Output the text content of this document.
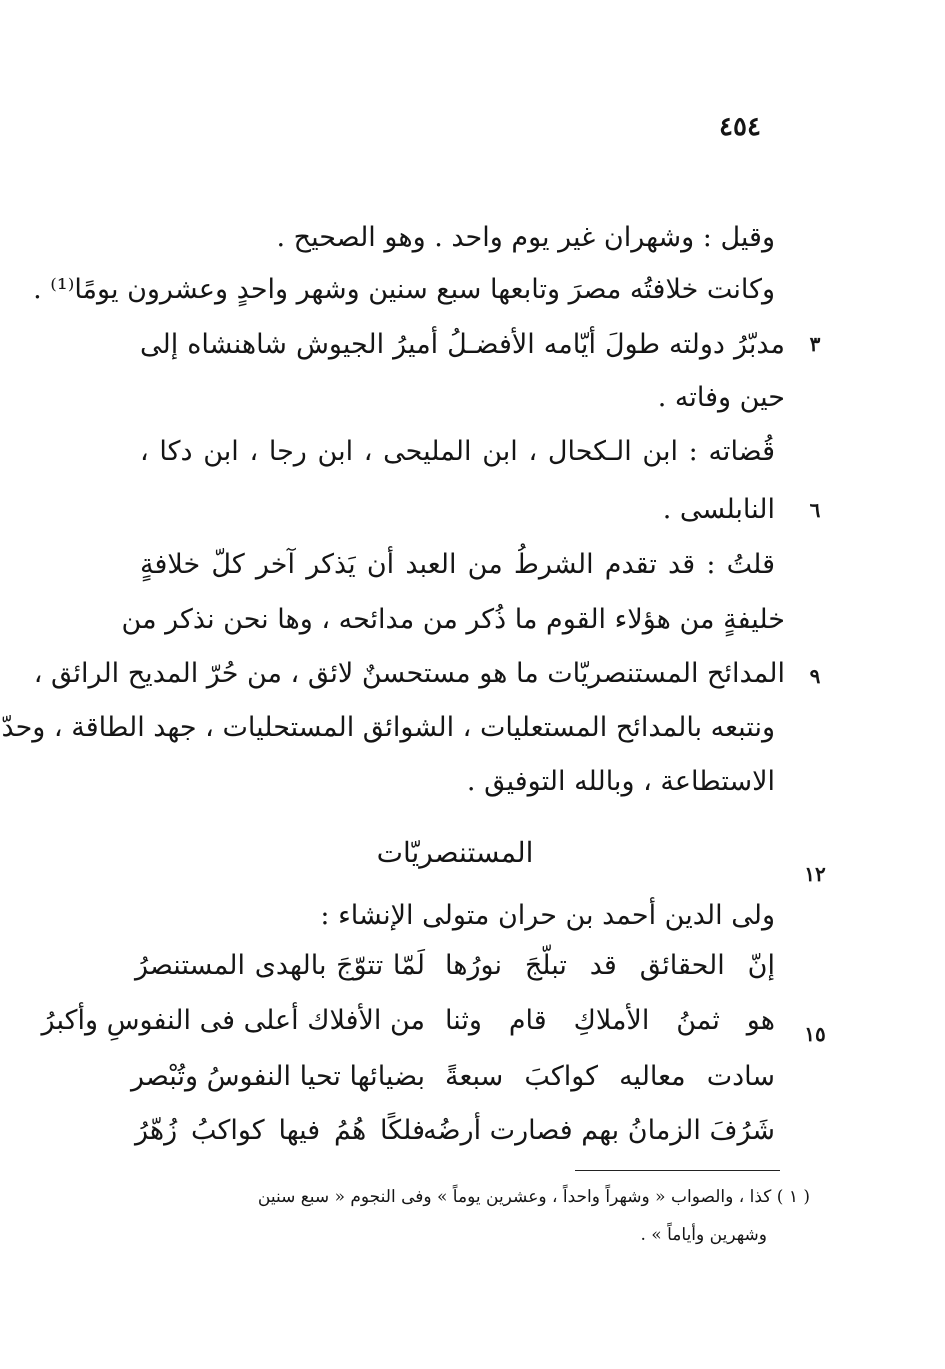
٤٥٤
وقيل : وشهران غير يوم واحد . وهو الصحيح .
وكانت خلافتُه مصرَ وتابعها سبع سنين وشهر واحدٍ وعشرون يومًا⁽¹⁾ .
مدبّرُ دولته طولَ أيّامه الأفضـلُ أميرُ الجيوش شاهنشاه إلى	٣
حين وفاته .
قُضاته : ابن الـكحال ، ابن المليحى ، ابن رجا ، ابن دكا ،
النابلسى .	٦
قلتُ : قد تقدم الشرطُ من العبد أن يَذكر آخر كلّ خلافةٍ
خليفةٍ من هؤلاء القوم ما ذُكر من مدائحه ، وها نحن نذكر من
المدائح المستنصريّات ما هو مستحسنٌ لائق ، من حُرّ المديح الرائق ،	٩
ونتبعه بالمدائح المستعليات ، الشوائق المستحليات ، جهد الطاقة ، وحدّ
الاستطاعة ، وبالله التوفيق .
المستنصريّات
١٢
ولى الدين أحمد بن حران متولى الإنشاء :
إنّ الحقائق قد تبلّجَ نورُها
لَمّا تتوّجَ بالهدى المستنصرُ
هو ثمنُ الأملاكِ قام وثنا
من الأفلاك أعلى فى النفوسِ وأكبرُ	١٥
سادت معاليه كواكبَ سبعةً
بضيائها تحيا النفوسُ وتُبْصر
شَرُفَ الزمانُ بهم فصارت أرضُه
فلكًا هُمُ فيها كواكبُ زُهّرُ
( ١ ) كذا ، والصواب « وشهراً واحداً ، وعشرين يوماً » وفى النجوم « سبع سنين
وشهرين وأياماً » .
